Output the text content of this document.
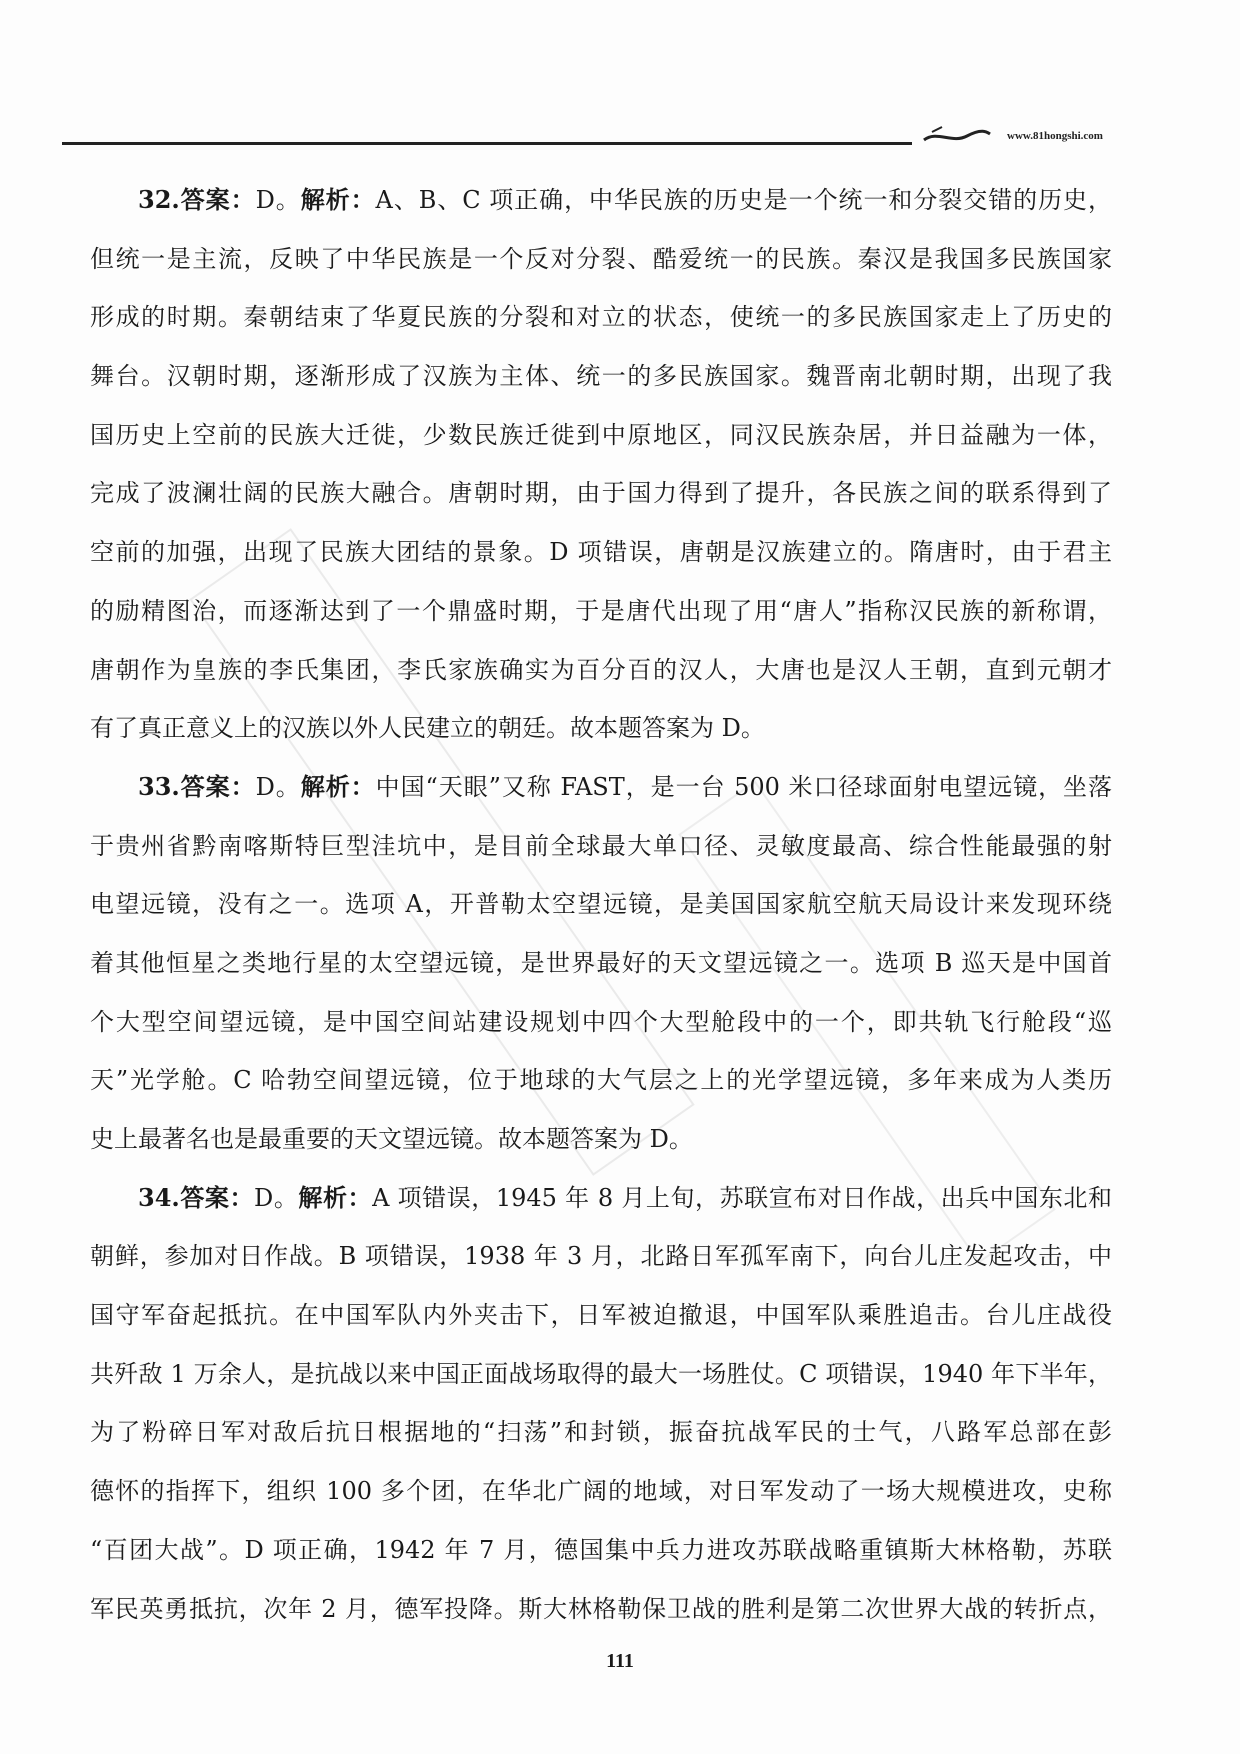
www.81hongshi.com
32.答案：D。解析：A、B、C 项正确，中华民族的历史是一个统一和分裂交错的历史，
但统一是主流，反映了中华民族是一个反对分裂、酷爱统一的民族。秦汉是我国多民族国家
形成的时期。秦朝结束了华夏民族的分裂和对立的状态，使统一的多民族国家走上了历史的
舞台。汉朝时期，逐渐形成了汉族为主体、统一的多民族国家。魏晋南北朝时期，出现了我
国历史上空前的民族大迁徙，少数民族迁徙到中原地区，同汉民族杂居，并日益融为一体，
完成了波澜壮阔的民族大融合。唐朝时期，由于国力得到了提升，各民族之间的联系得到了
空前的加强，出现了民族大团结的景象。D 项错误，唐朝是汉族建立的。隋唐时，由于君主
的励精图治，而逐渐达到了一个鼎盛时期，于是唐代出现了用“唐人”指称汉民族的新称谓，
唐朝作为皇族的李氏集团，李氏家族确实为百分百的汉人，大唐也是汉人王朝，直到元朝才
有了真正意义上的汉族以外人民建立的朝廷。故本题答案为 D。
33.答案：D。解析：中国“天眼”又称 FAST，是一台 500 米口径球面射电望远镜，坐落
于贵州省黔南喀斯特巨型洼坑中，是目前全球最大单口径、灵敏度最高、综合性能最强的射
电望远镜，没有之一。选项 A，开普勒太空望远镜，是美国国家航空航天局设计来发现环绕
着其他恒星之类地行星的太空望远镜，是世界最好的天文望远镜之一。选项 B 巡天是中国首
个大型空间望远镜，是中国空间站建设规划中四个大型舱段中的一个，即共轨飞行舱段“巡
天”光学舱。C 哈勃空间望远镜，位于地球的大气层之上的光学望远镜，多年来成为人类历
史上最著名也是最重要的天文望远镜。故本题答案为 D。
34.答案：D。解析：A 项错误，1945 年 8 月上旬，苏联宣布对日作战，出兵中国东北和
朝鲜，参加对日作战。B 项错误，1938 年 3 月，北路日军孤军南下，向台儿庄发起攻击，中
国守军奋起抵抗。在中国军队内外夹击下，日军被迫撤退，中国军队乘胜追击。台儿庄战役
共歼敌 1 万余人，是抗战以来中国正面战场取得的最大一场胜仗。C 项错误，1940 年下半年，
为了粉碎日军对敌后抗日根据地的“扫荡”和封锁，振奋抗战军民的士气，八路军总部在彭
德怀的指挥下，组织 100 多个团，在华北广阔的地域，对日军发动了一场大规模进攻，史称
“百团大战”。D 项正确，1942 年 7 月，德国集中兵力进攻苏联战略重镇斯大林格勒，苏联
军民英勇抵抗，次年 2 月，德军投降。斯大林格勒保卫战的胜利是第二次世界大战的转折点，
111
